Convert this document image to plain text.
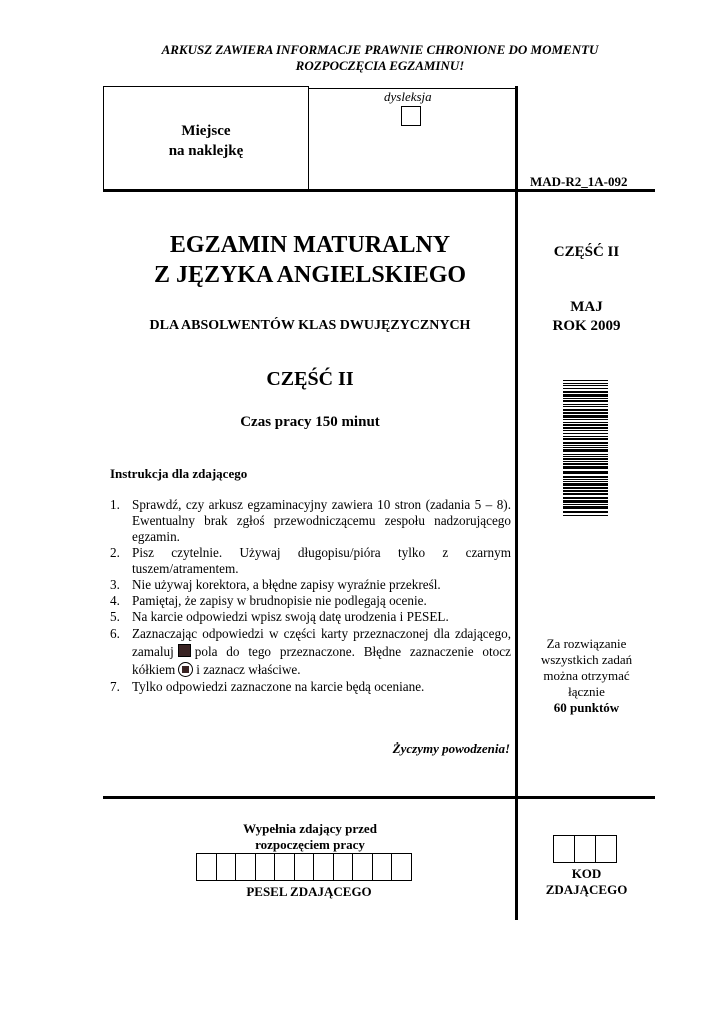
ARKUSZ ZAWIERA INFORMACJE PRAWNIE CHRONIONE DO MOMENTU
ROZPOCZĘCIA EGZAMINU!
Miejsce
na naklejkę
dysleksja
MAD-R2_1A-092
EGZAMIN MATURALNY
Z JĘZYKA ANGIELSKIEGO
DLA ABSOLWENTÓW KLAS DWUJĘZYCZNYCH
CZĘŚĆ II
Czas pracy 150 minut
CZĘŚĆ II
MAJ
ROK 2009
Za rozwiązanie
wszystkich zadań
można otrzymać
łącznie
60 punktów
Instrukcja dla zdającego
1. Sprawdź, czy arkusz egzaminacyjny zawiera 10 stron (zadania 5 – 8). Ewentualny brak zgłoś przewodniczącemu zespołu nadzorującego egzamin.
2. Pisz czytelnie. Używaj długopisu/pióra tylko z czarnym tuszem/atramentem.
3. Nie używaj korektora, a błędne zapisy wyraźnie przekreśl.
4. Pamiętaj, że zapisy w brudnopisie nie podlegają ocenie.
5. Na karcie odpowiedzi wpisz swoją datę urodzenia i PESEL.
6. Zaznaczając odpowiedzi w części karty przeznaczonej dla zdającego, zamaluj pola do tego przeznaczone. Błędne zaznaczenie otocz kółkiem i zaznacz właściwe.
7. Tylko odpowiedzi zaznaczone na karcie będą oceniane.
Życzymy powodzenia!
Wypełnia zdający przed
rozpoczęciem pracy
PESEL ZDAJĄCEGO
KOD
ZDAJĄCEGO
